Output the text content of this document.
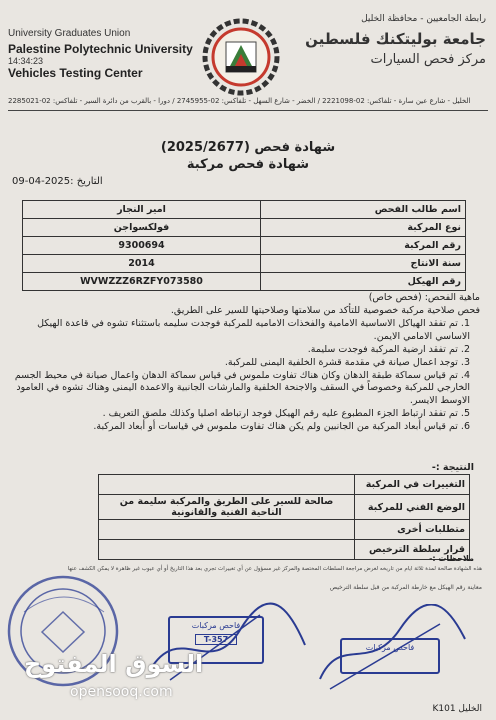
University Graduates Union
Palestine Polytechnic University
14:34:23
Vehicles Testing Center
رابطة الجامعيين - محافظة الخليل
جامعة بوليتكنك فلسطين
مركز فحص السيارات
الخليل - شارع عين سارة - تلفاكس: 02-2221098 / الخضر - شارع السهل - تلفاكس: 02-2745955 / دورا - بالقرب من دائرة السير - تلفاكس: 02-2285021
شهادة فحص (2025/2677)
شهادة فحص مركبة
التاريخ :2025-04-09
اسم طالب الفحص	امير النجار
نوع المركبة	فولكسواجن
رقم المركبة	9300694
سنة الانتاج	2014
رقم الهيكل	WVWZZZ6RZFY073580

ماهية الفحص: (فحص خاص)

فحص صلاحية مركبة خصوصية للتأكد من سلامتها وصلاحيتها للسير على الطريق.

1. تم تفقد الهياكل الاساسية الامامية والفخذات الاماميه للمركبة فوجدت سليمه باستثناء تشوه في قاعدة الهيكل الاساسي الامامي الايمن.

2. تم تفقد ارضية المركبة فوجدت سليمة.

3. توجد اعمال صيانة في مقدمة قشرة الخلفية اليمنى للمركبة.

4. تم قياس سماكة طبقة الدهان وكان هناك تفاوت ملموس في قياس سماكة الدهان واعمال صيانة في محيط الجسم الخارجي للمركبة وخصوصاً في السقف والاجنحة الخلفية والمارشات الجانبية والاعمدة اليمنى وهناك تشوه في العامود الاوسط الايسر.

5. تم تفقد ارتباط الجزء المطبوع عليه رقم الهيكل فوجد ارتباطه اصليا وكذلك ملصق التعريف .

6. تم قياس أبعاد المركبة من الجانبين ولم يكن هناك تفاوت ملموس في قياسات أو أبعاد المركبة.

النتيجة :-
التغييرات في المركبة	
الوضع الفني للمركبة	صالحة للسير على الطريق والمركبة سليمة من الناحية الفنية والقانونية
متطلبات أخرى	
قرار سلطة الترخيص	
ملاحظات :-
هذه الشهادة صالحة لمدة ثلاثة ايام من تاريخه لغرض مراجعة السلطات المختصة والمركز غير مسؤول عن أي تغييرات تجري بعد هذا التاريخ أو أي عيوب غير ظاهرة لا يمكن الكشف عنها
معاينة رقم الهيكل مع خارطة المركبة من قبل سلطة الترخيص
فاحص مركبات
T-357
فاحص مركبات
الخليل K101
السوق المفتوح
opensooq.com
